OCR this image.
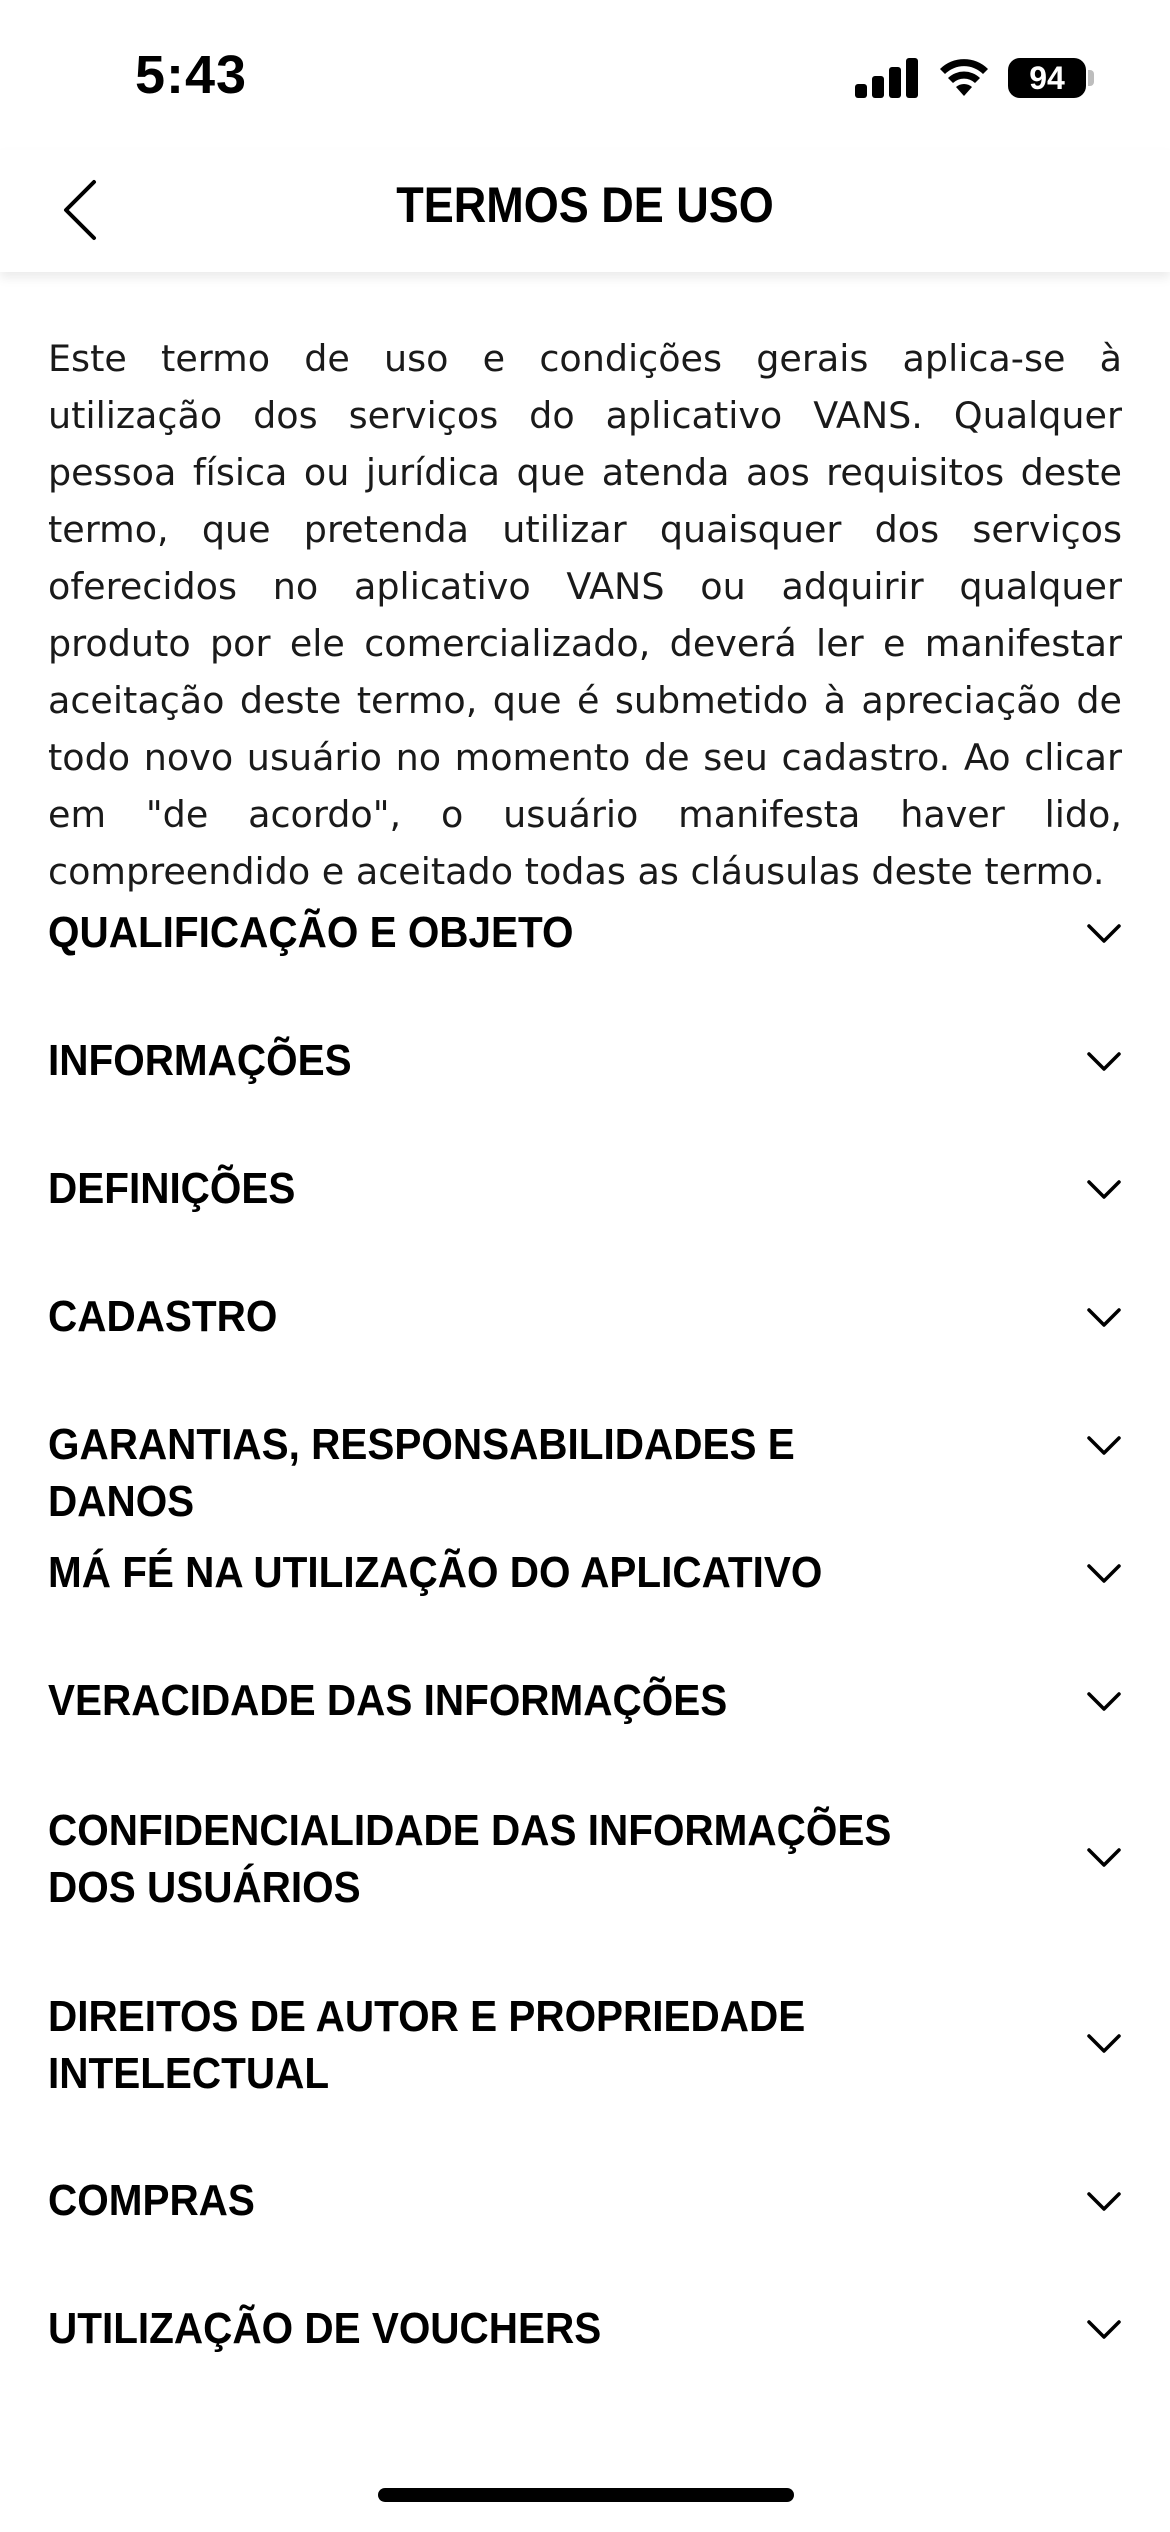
5:43	94
TERMOS DE USO

Este termo de uso e condições gerais aplica-se à utilização dos serviços do aplicativo VANS. Qualquer pessoa física ou jurídica que atenda aos requisitos deste termo, que pretenda utilizar quaisquer dos serviços oferecidos no aplicativo VANS ou adquirir qualquer produto por ele comercializado, deverá ler e manifestar aceitação deste termo, que é submetido à apreciação de todo novo usuário no momento de seu cadastro. Ao clicar em "de acordo", o usuário manifesta haver lido, compreendido e aceitado todas as cláusulas deste termo.

QUALIFICAÇÃO E OBJETO
INFORMAÇÕES
DEFINIÇÕES
CADASTRO
GARANTIAS, RESPONSABILIDADES E DANOS
MÁ FÉ NA UTILIZAÇÃO DO APLICATIVO
VERACIDADE DAS INFORMAÇÕES
CONFIDENCIALIDADE DAS INFORMAÇÕES DOS USUÁRIOS
DIREITOS DE AUTOR E PROPRIEDADE INTELECTUAL
COMPRAS
UTILIZAÇÃO DE VOUCHERS
